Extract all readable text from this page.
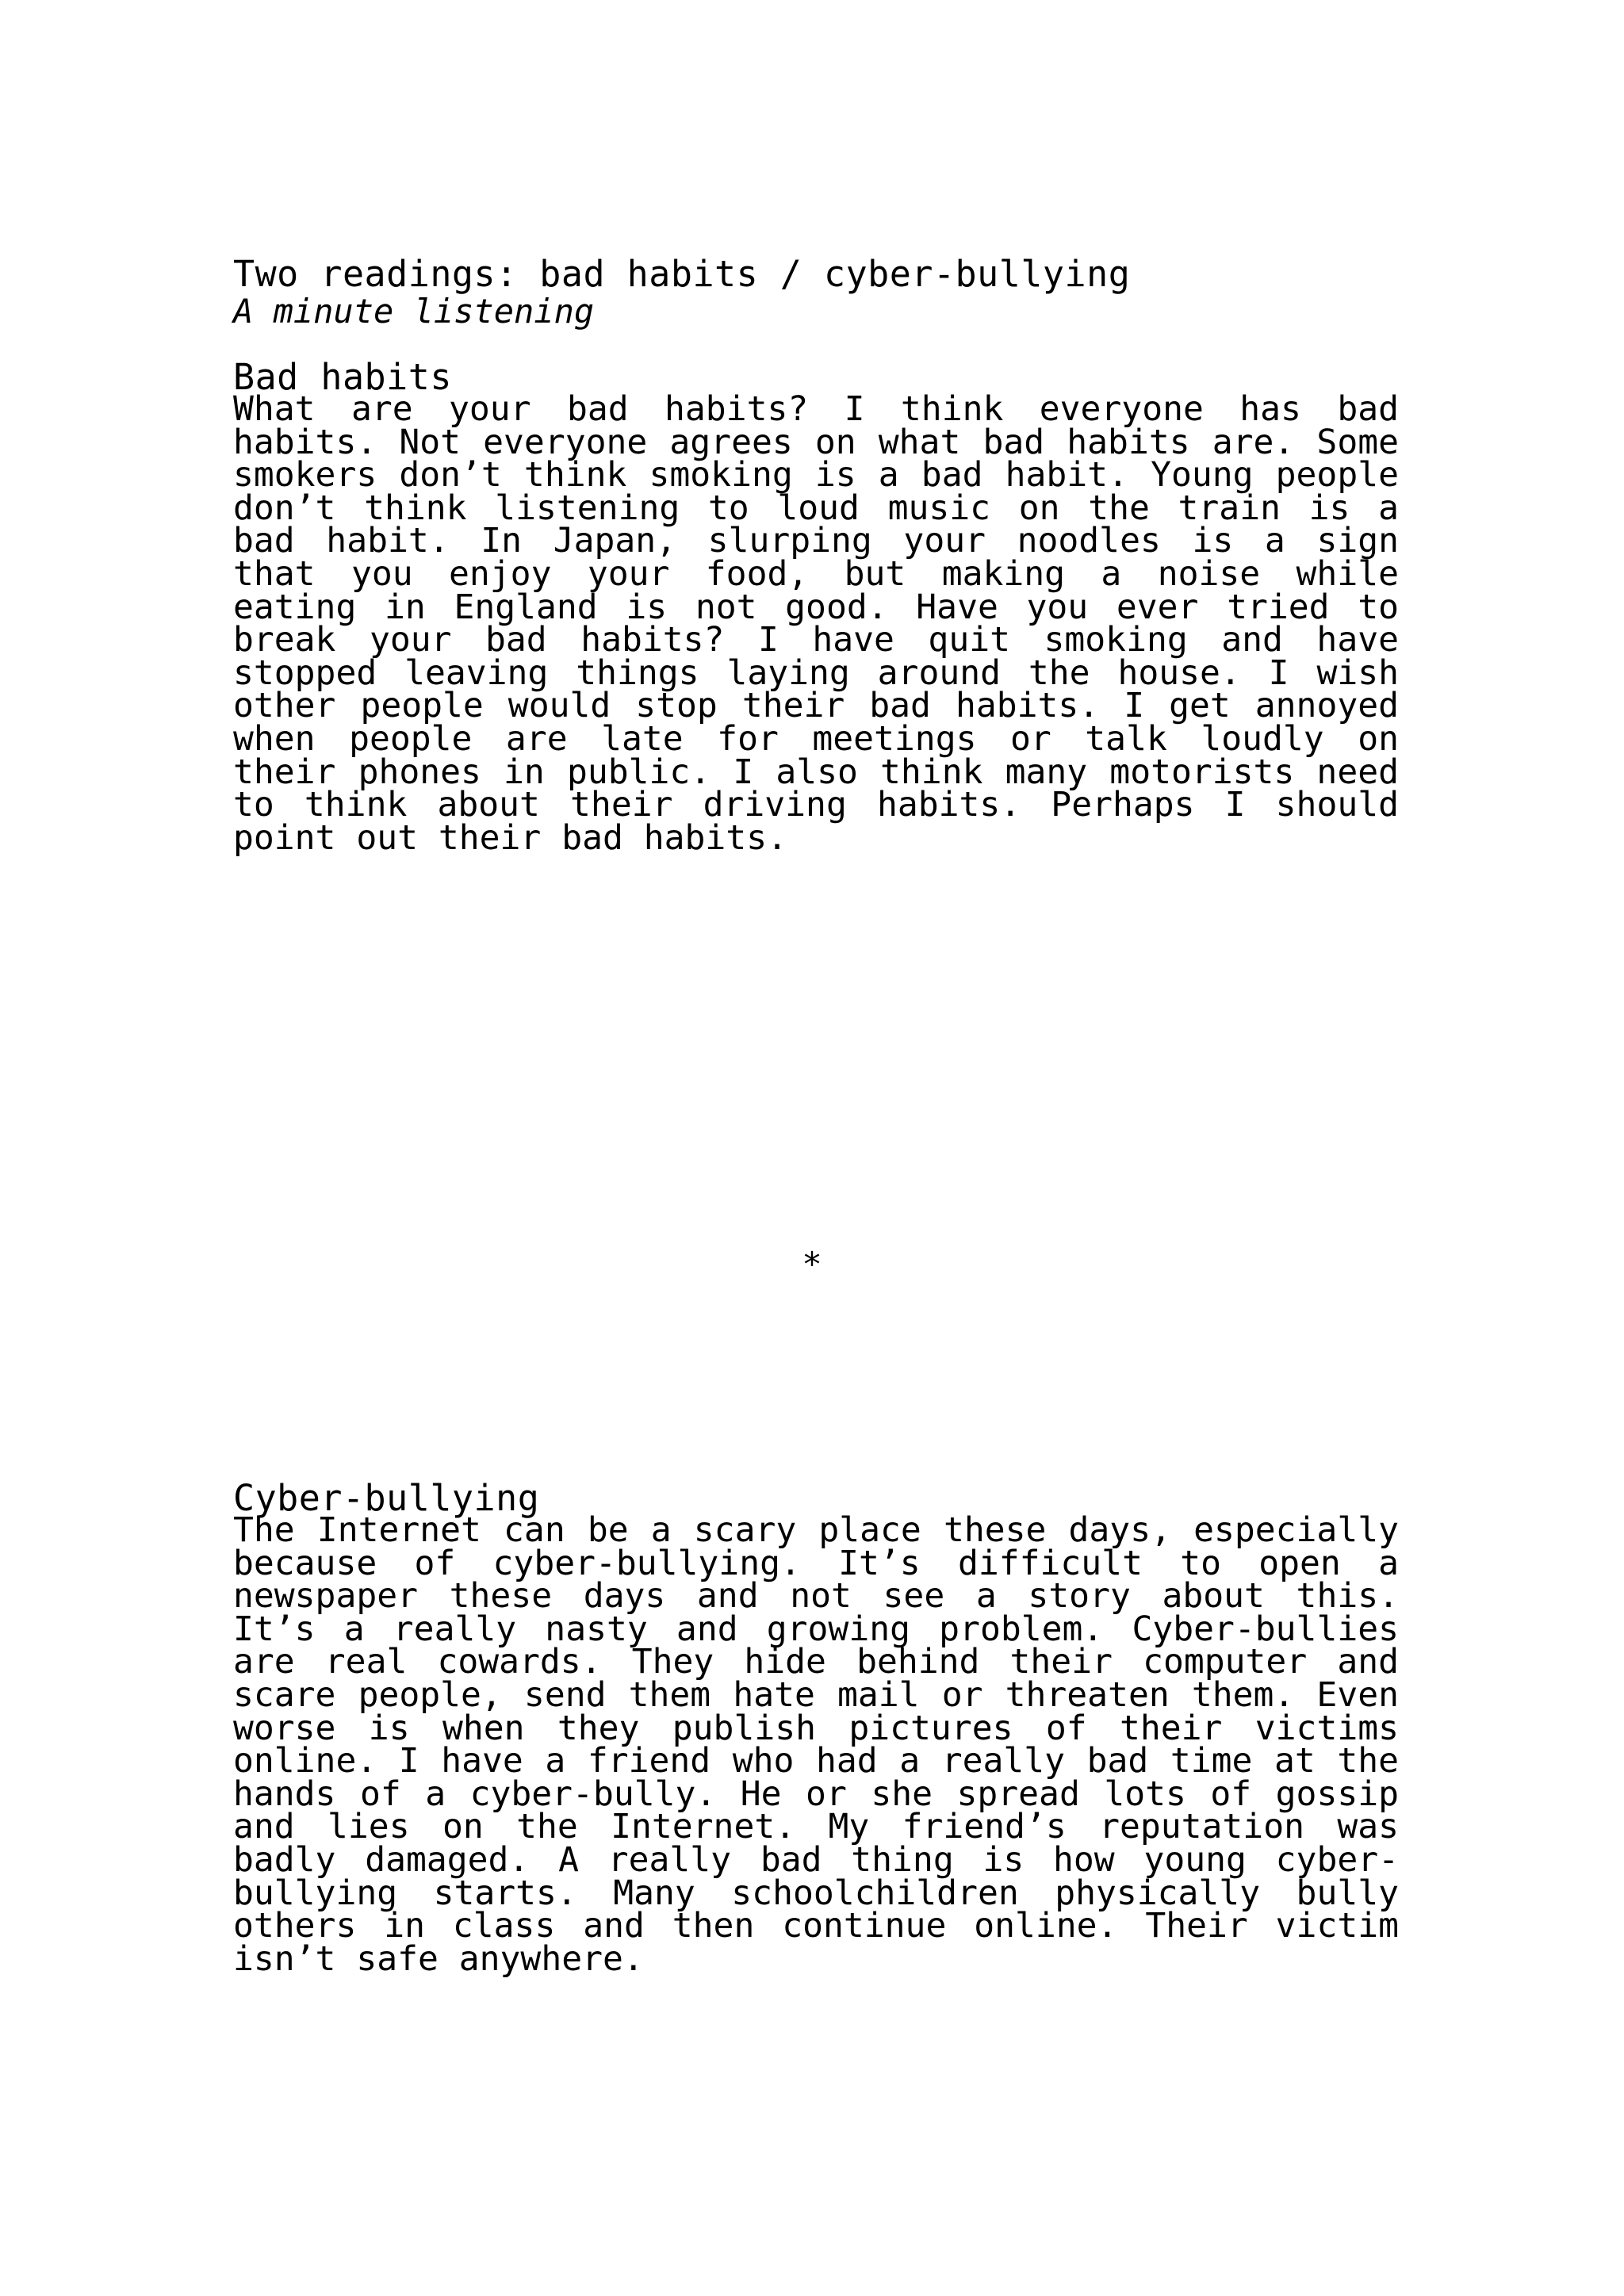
Two readings: bad habits / cyber-bullying
A minute listening
Bad habits

What are your bad habits? I think everyone has bad habits. Not everyone agrees on what bad habits are. Some smokers don’t think smoking is a bad habit. Young people don’t think listening to loud music on the train is a bad habit. In Japan, slurping your noodles is a sign that you enjoy your food, but making a noise while eating in England is not good. Have you ever tried to break your bad habits? I have quit smoking and have stopped leaving things laying around the house. I wish other people would stop their bad habits. I get annoyed when people are late for meetings or talk loudly on their phones in public. I also think many motorists need to think about their driving habits. Perhaps I should point out their bad habits.

*
Cyber-bullying

The Internet can be a scary place these days, especially because of cyber-bullying. It’s difficult to open a newspaper these days and not see a story about this. It’s a really nasty and growing problem. Cyber-bullies are real cowards. They hide behind their computer and scare people, send them hate mail or threaten them. Even worse is when they publish pictures of their victims online. I have a friend who had a really bad time at the hands of a cyber-bully. He or she spread lots of gossip and lies on the Internet. My friend’s reputation was badly damaged. A really bad thing is how young cyber-bullying starts. Many schoolchildren physically bully others in class and then continue online. Their victim isn’t safe anywhere.
